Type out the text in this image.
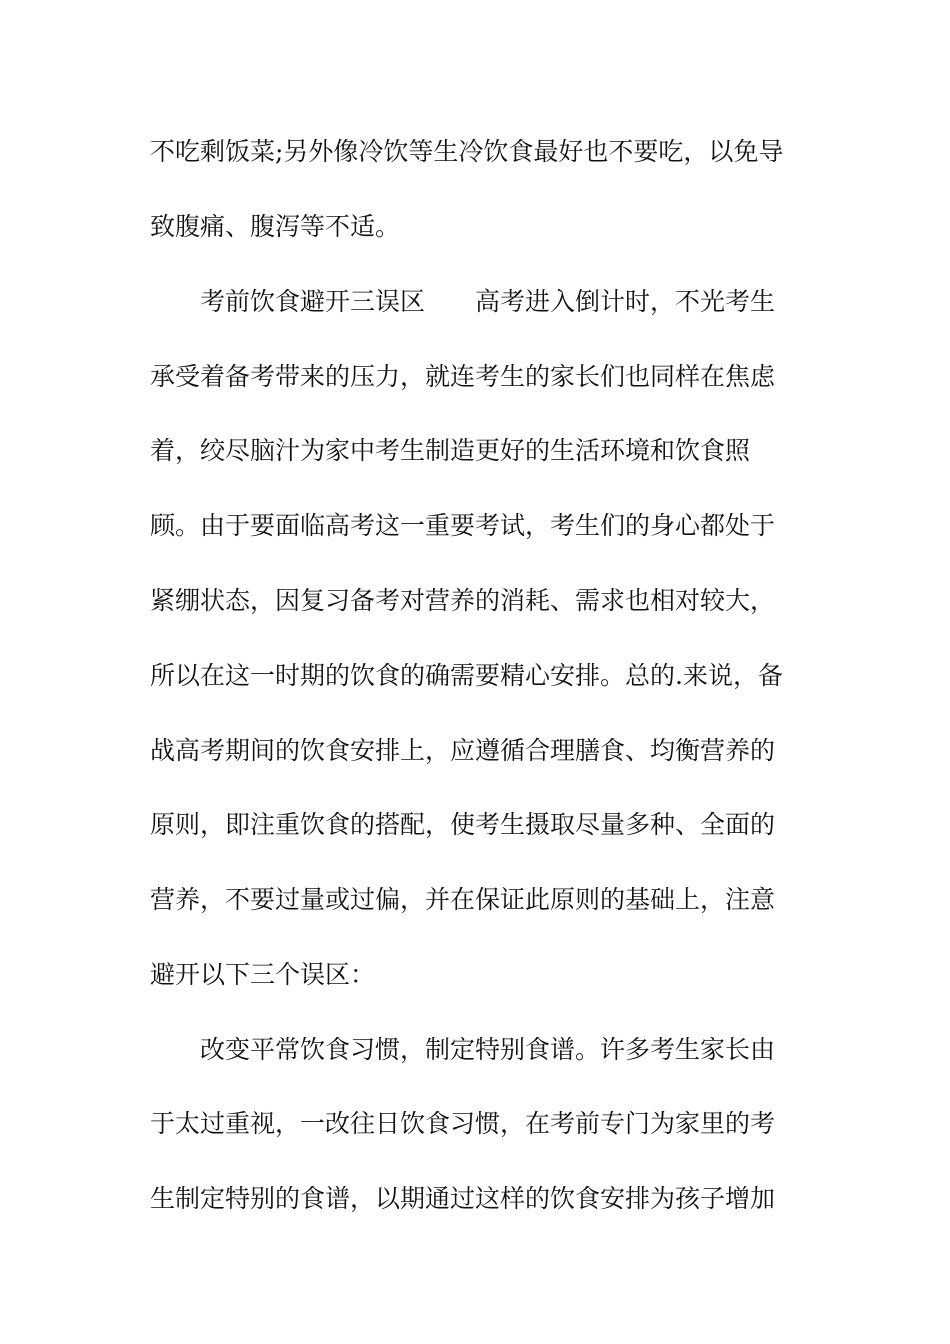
不吃剩饭菜;另外像冷饮等生冷饮食最好也不要吃，以免导
致腹痛、腹泻等不适。
　　考前饮食避开三误区　　高考进入倒计时，不光考生
承受着备考带来的压力，就连考生的家长们也同样在焦虑
着，绞尽脑汁为家中考生制造更好的生活环境和饮食照
顾。由于要面临高考这一重要考试，考生们的身心都处于
紧绷状态，因复习备考对营养的消耗、需求也相对较大，
所以在这一时期的饮食的确需要精心安排。总的.来说，备
战高考期间的饮食安排上，应遵循合理膳食、均衡营养的
原则，即注重饮食的搭配，使考生摄取尽量多种、全面的
营养，不要过量或过偏，并在保证此原则的基础上，注意
避开以下三个误区：
　　改变平常饮食习惯，制定特别食谱。许多考生家长由
于太过重视，一改往日饮食习惯，在考前专门为家里的考
生制定特别的食谱，以期通过这样的饮食安排为孩子增加
